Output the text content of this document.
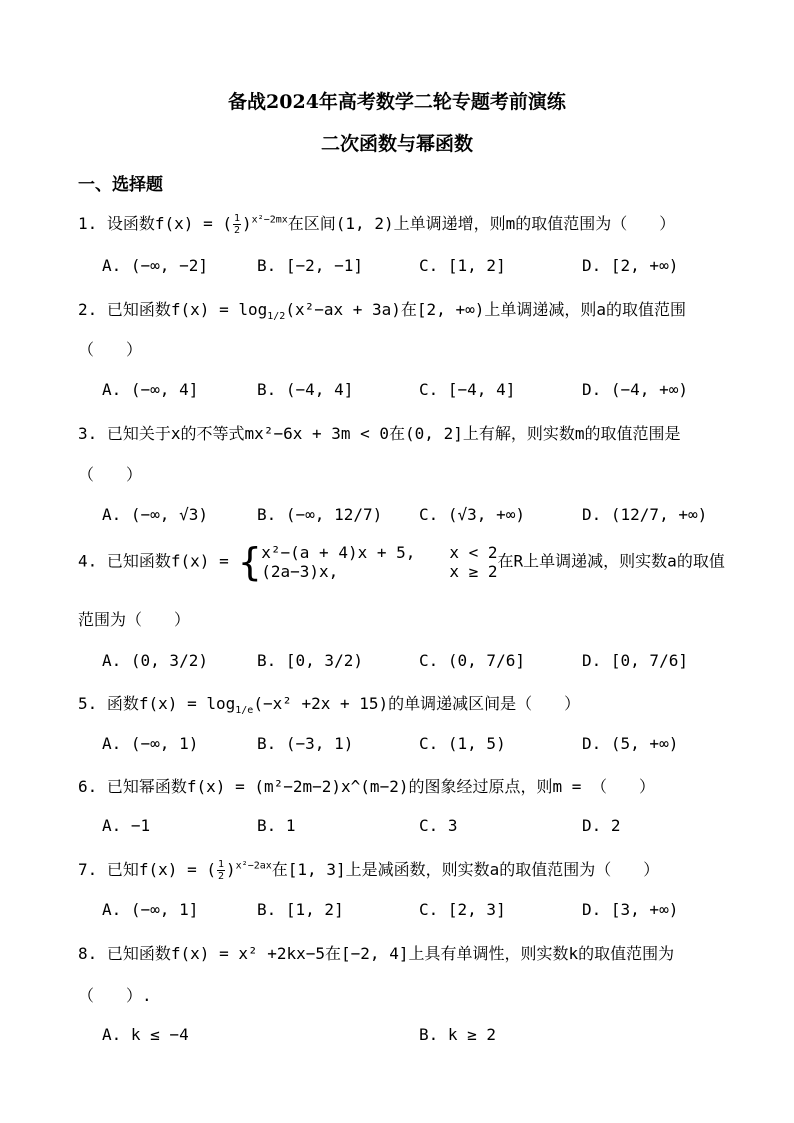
备战2024年高考数学二轮专题考前演练
二次函数与幂函数
一、选择题
1. 设函数f(x) = ( $\frac{1}{2} )^{x^2-2mx}$在区间(1, 2)上单调递增，则m的取值范围为（　　）
A. (−∞, −2]	B. [−2, −1]	C. [1, 2]	D. [2, +∞)
2. 已知函数$f(x) = \log_{1/2}(x^2-ax + 3a)$在[2, +∞)上单调递减，则a的取值范围
（　　）
A. (−∞, 4]	B. (−4, 4]	C. [−4, 4]	D. (−4, +∞)
3. 已知关于x的不等式mx²−6x + 3m < 0在(0, 2]上有解，则实数m的取值范围是
（　　）
A. (−∞, √3)	B. (−∞, 12/7) C. (√3, +∞)	D. (12/7, +∞)
4. 已知函数f(x) = { x²−(a + 4)x + 5,
(2a−3)x,
x < 2
x ≥ 2
在R上单调递减，则实数a的取值
范围为（　　）
A. (0, 3/2)	B. [0, 3/2)	C. (0, 7/6]	D. [0, 7/6]
5. 函数$f(x) = \log_{1/e}(-x^2 +2x + 15)$的单调递减区间是（　　）
A. (−∞, 1)	B. (−3, 1)	C. (1, 5)	D. (5, +∞)
6. 已知幂函数f(x) = (m²−2m−2)x^(m−2)的图象经过原点，则m = （　　）
A. −1	B. 1	C. 3	D. 2
7. 已知f(x) = ( $\frac{1}{2} )^{x^2-2ax}$在[1, 3]上是减函数，则实数a的取值范围为（　　）
A. (−∞, 1]	B. [1, 2]	C. [2, 3]	D. [3, +∞)
8. 已知函数f(x) = x² +2kx−5在[−2, 4]上具有单调性，则实数k的取值范围为
（　　）.
A. k ≤ −4	B. k ≥ 2
